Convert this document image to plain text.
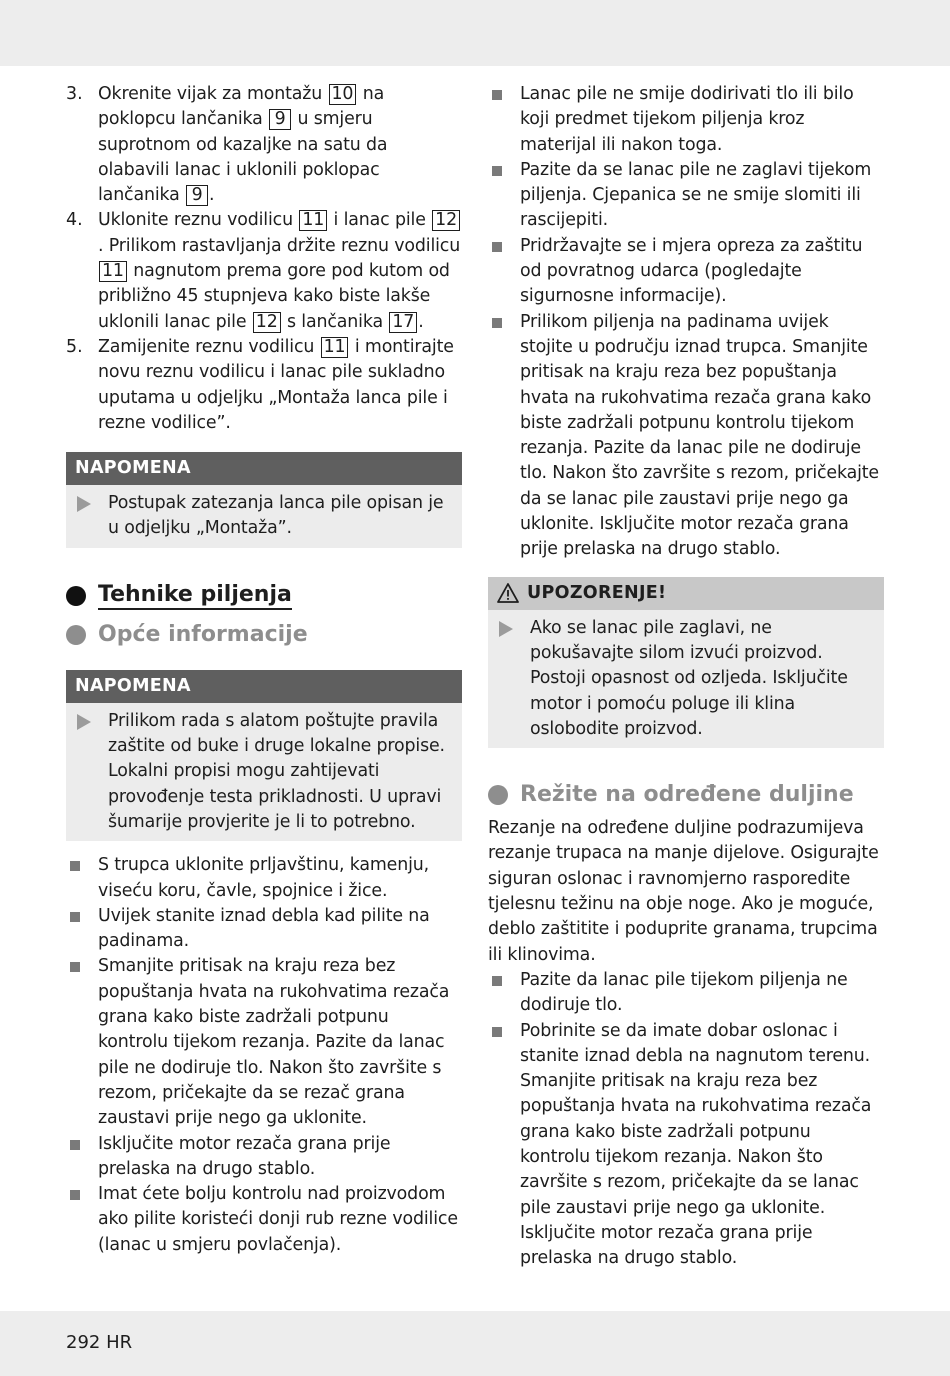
3. Okrenite vijak za montažu 10 na poklopcu lančanika 9 u smjeru suprotnom od kazaljke na satu da olabavili lanac i uklonili poklopac lančanika 9 .
4. Uklonite reznu vodilicu 11 i lanac pile 12. Prilikom rastavljanja držite reznu vodilicu 11 nagnutom prema gore pod kutom od približno 45 stupnjeva kako biste lakše uklonili lanac pile 12 s lančanika 17 .
5. Zamijenite reznu vodilicu 11 i montirajte novu reznu vodilicu i lanac pile sukladno uputama u odjeljku „Montaža lanca pile i rezne vodilice”.
NAPOMENA
Postupak zatezanja lanca pile opisan je u odjeljku „Montaža”.
Tehnike piljenja
Opće informacije
NAPOMENA
Prilikom rada s alatom poštujte pravila zaštite od buke i druge lokalne propise. Lokalni propisi mogu zahtijevati provođenje testa prikladnosti. U upravi šumarije provjerite je li to potrebno.
S trupca uklonite prljavštinu, kamenju, viseću koru, čavle, spojnice i žice.
Uvijek stanite iznad debla kad pilite na padinama.
Smanjite pritisak na kraju reza bez popuštanja hvata na rukohvatima rezača grana kako biste zadržali potpunu kontrolu tijekom rezanja. Pazite da lanac pile ne dodiruje tlo. Nakon što završite s rezom, pričekajte da se rezač grana zaustavi prije nego ga uklonite.
Isključite motor rezača grana prije prelaska na drugo stablo.
Imat ćete bolju kontrolu nad proizvodom ako pilite koristeći donji rub rezne vodilice (lanac u smjeru povlačenja).
Lanac pile ne smije dodirivati tlo ili bilo koji predmet tijekom piljenja kroz materijal ili nakon toga.
Pazite da se lanac pile ne zaglavi tijekom piljenja. Cjepanica se ne smije slomiti ili rascijepiti.
Pridržavajte se i mjera opreza za zaštitu od povratnog udarca (pogledajte sigurnosne informacije).
Prilikom piljenja na padinama uvijek stojite u području iznad trupca. Smanjite pritisak na kraju reza bez popuštanja hvata na rukohvatima rezača grana kako biste zadržali potpunu kontrolu tijekom rezanja. Pazite da lanac pile ne dodiruje tlo. Nakon što završite s rezom, pričekajte da se lanac pile zaustavi prije nego ga uklonite. Isključite motor rezača grana prije prelaska na drugo stablo.
UPOZORENJE!
Ako se lanac pile zaglavi, ne pokušavajte silom izvući proizvod. Postoji opasnost od ozljeda. Isključite motor i pomoću poluge ili klina oslobodite proizvod.
Režite na određene duljine

Rezanje na određene duljine podrazumijeva rezanje trupaca na manje dijelove. Osigurajte siguran oslonac i ravnomjerno rasporedite tjelesnu težinu na obje noge. Ako je moguće, deblo zaštitite i poduprite granama, trupcima ili klinovima.

Pazite da lanac pile tijekom piljenja ne dodiruje tlo.
Pobrinite se da imate dobar oslonac i stanite iznad debla na nagnutom terenu. Smanjite pritisak na kraju reza bez popuštanja hvata na rukohvatima rezača grana kako biste zadržali potpunu kontrolu tijekom rezanja. Nakon što završite s rezom, pričekajte da se lanac pile zaustavi prije nego ga uklonite. Isključite motor rezača grana prije prelaska na drugo stablo.
292 HR
